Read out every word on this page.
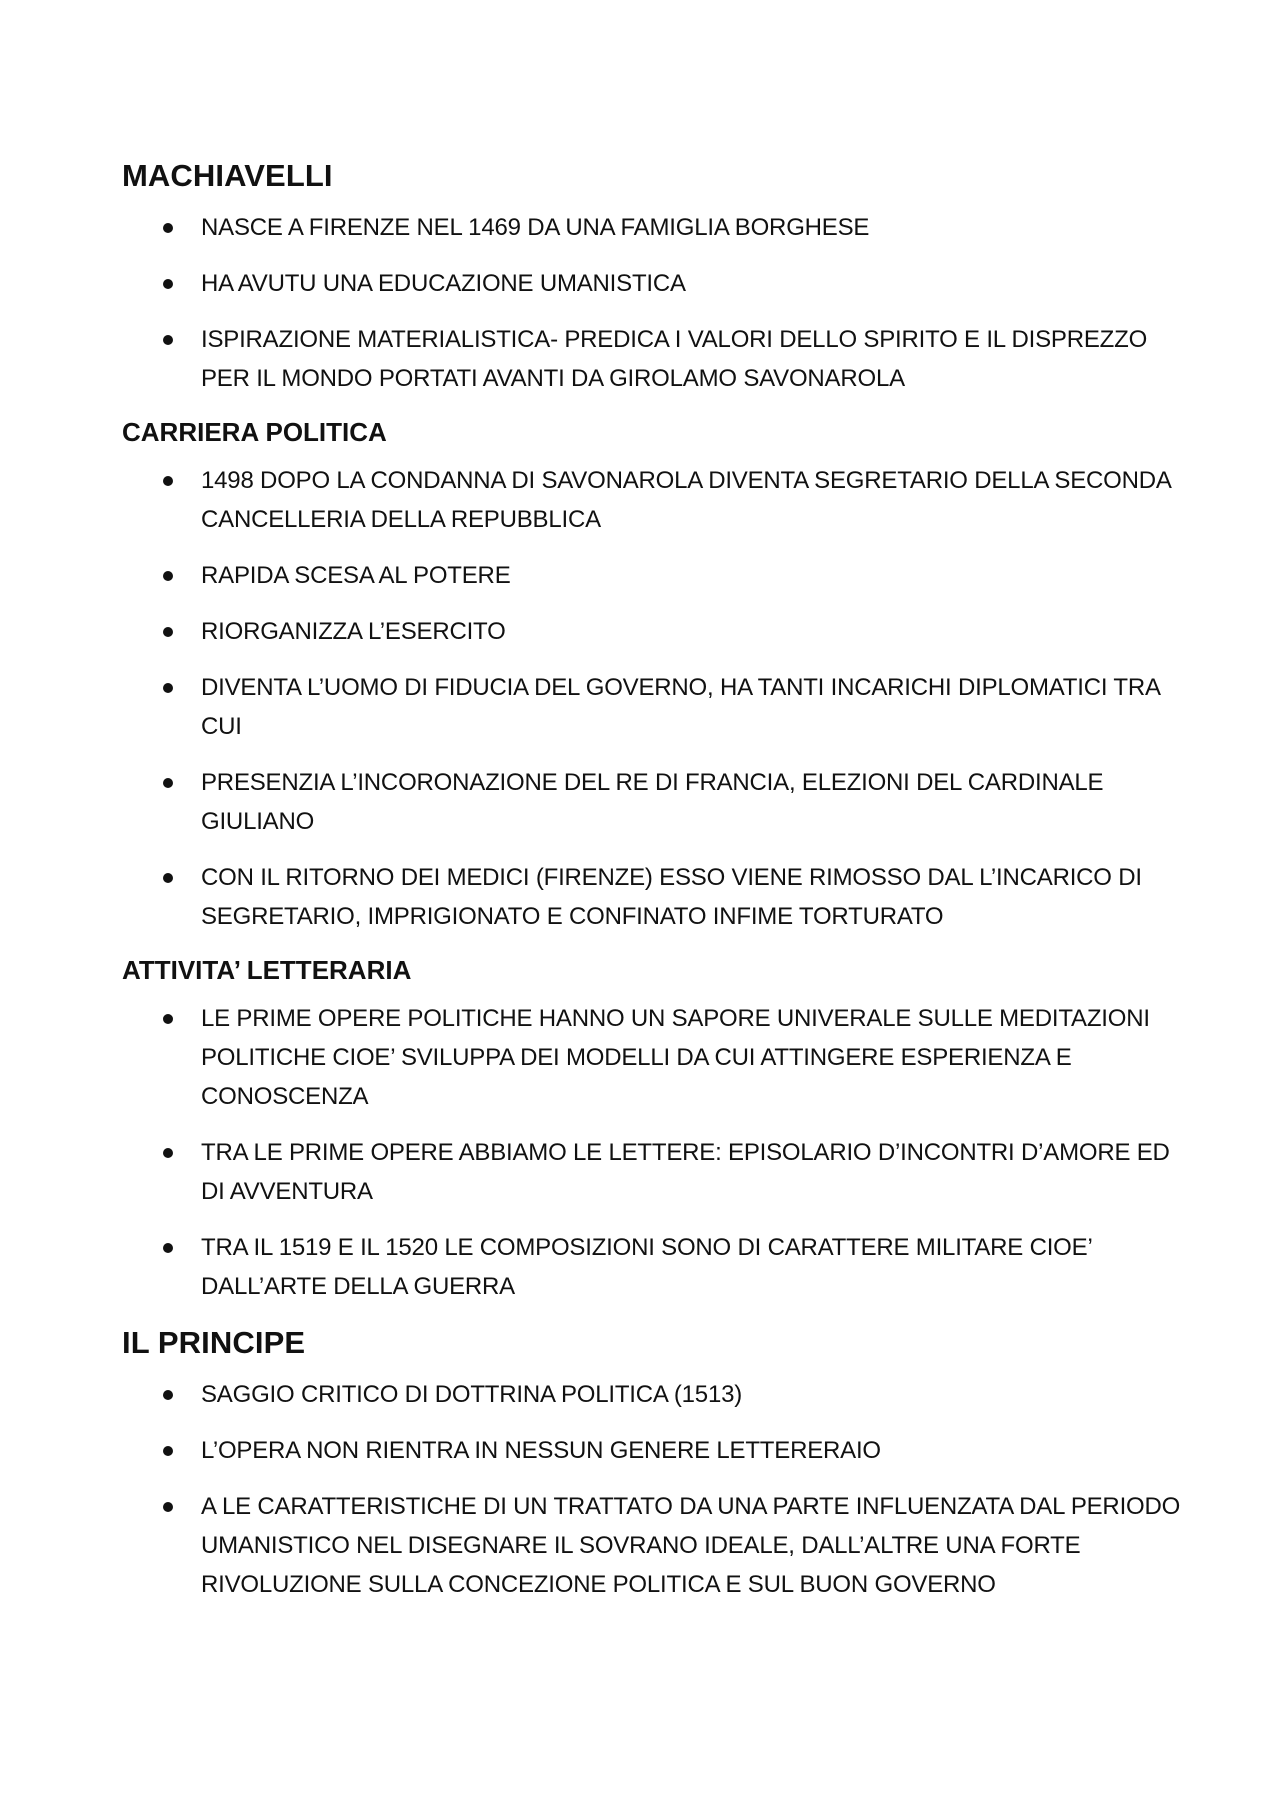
MACHIAVELLI
NASCE A FIRENZE NEL 1469 DA UNA FAMIGLIA BORGHESE
HA AVUTU UNA EDUCAZIONE UMANISTICA
ISPIRAZIONE MATERIALISTICA- PREDICA I VALORI DELLO SPIRITO E IL DISPREZZO PER IL MONDO PORTATI AVANTI DA GIROLAMO SAVONAROLA
CARRIERA POLITICA
1498 DOPO LA CONDANNA DI SAVONAROLA DIVENTA SEGRETARIO DELLA SECONDA CANCELLERIA DELLA REPUBBLICA
RAPIDA SCESA AL POTERE
RIORGANIZZA L’ESERCITO
DIVENTA L’UOMO DI FIDUCIA DEL GOVERNO, HA TANTI INCARICHI DIPLOMATICI TRA CUI
PRESENZIA L’INCORONAZIONE DEL RE DI FRANCIA, ELEZIONI DEL CARDINALE GIULIANO
CON IL RITORNO DEI MEDICI (FIRENZE) ESSO VIENE RIMOSSO DAL L’INCARICO DI SEGRETARIO, IMPRIGIONATO E CONFINATO INFIME TORTURATO
ATTIVITA’ LETTERARIA
LE PRIME OPERE POLITICHE HANNO UN SAPORE UNIVERALE SULLE MEDITAZIONI POLITICHE CIOE’ SVILUPPA DEI MODELLI DA CUI ATTINGERE ESPERIENZA E CONOSCENZA
TRA LE PRIME OPERE ABBIAMO LE LETTERE: EPISOLARIO D’INCONTRI D’AMORE ED DI AVVENTURA
TRA IL 1519 E IL 1520 LE COMPOSIZIONI SONO DI CARATTERE MILITARE CIOE’ DALL’ARTE DELLA GUERRA
IL PRINCIPE
SAGGIO CRITICO DI DOTTRINA POLITICA (1513)
L’OPERA NON RIENTRA IN NESSUN GENERE LETTERERAIO
A LE CARATTERISTICHE DI UN TRATTATO DA UNA PARTE INFLUENZATA DAL PERIODO UMANISTICO NEL DISEGNARE IL SOVRANO IDEALE, DALL’ALTRE UNA FORTE RIVOLUZIONE SULLA CONCEZIONE POLITICA E SUL BUON GOVERNO
